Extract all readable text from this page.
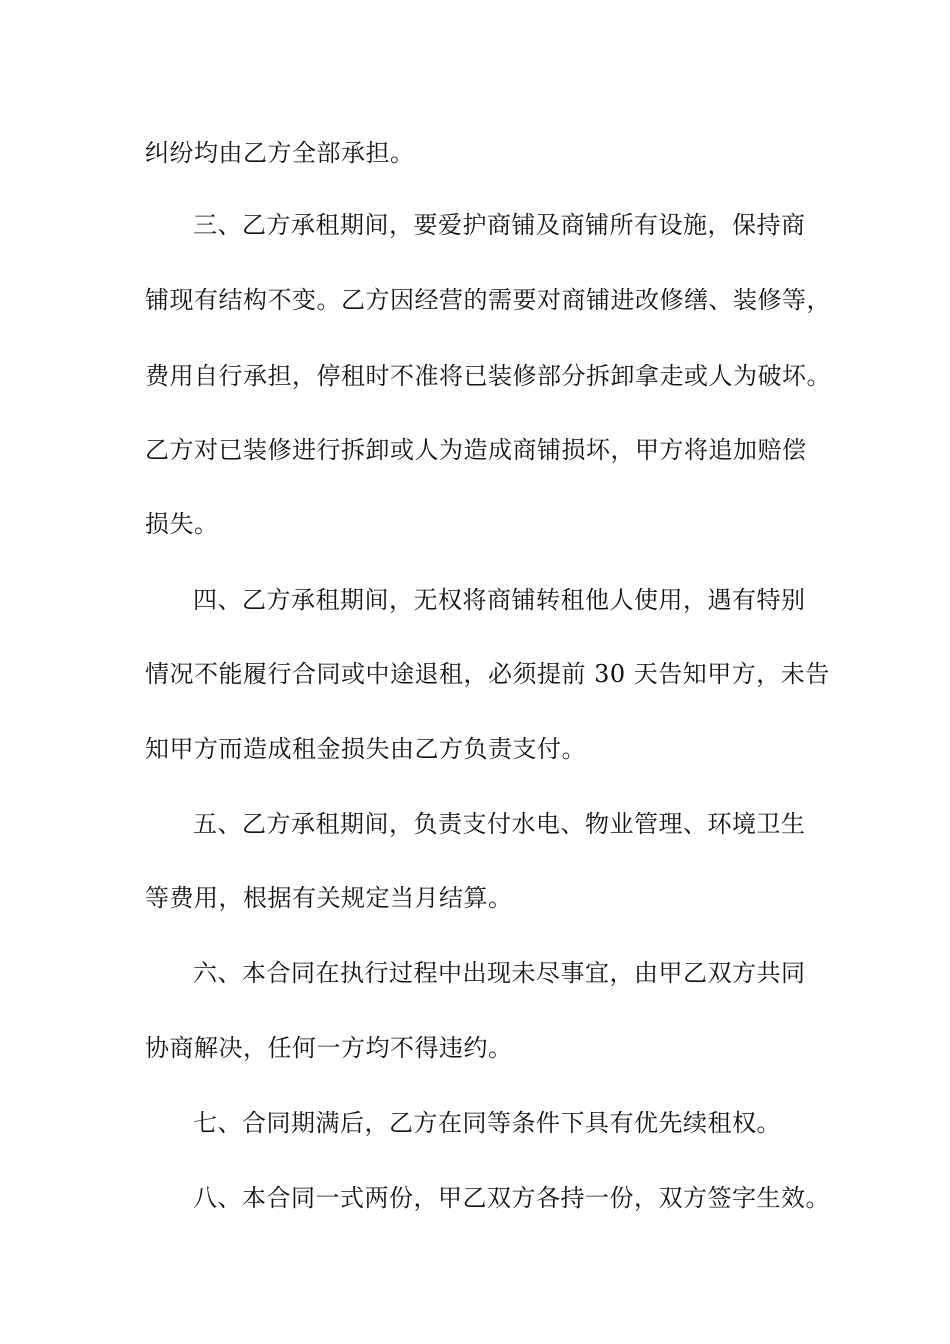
纠纷均由乙方全部承担。
三、乙方承租期间，要爱护商铺及商铺所有设施，保持商
铺现有结构不变。乙方因经营的需要对商铺进改修缮、装修等，
费用自行承担，停租时不准将已装修部分拆卸拿走或人为破坏。
乙方对已装修进行拆卸或人为造成商铺损坏，甲方将追加赔偿
损失。
四、乙方承租期间，无权将商铺转租他人使用，遇有特别
情况不能履行合同或中途退租，必须提前 30 天告知甲方，未告
知甲方而造成租金损失由乙方负责支付。
五、乙方承租期间，负责支付水电、物业管理、环境卫生
等费用，根据有关规定当月结算。
六、本合同在执行过程中出现未尽事宜，由甲乙双方共同
协商解决，任何一方均不得违约。
七、合同期满后，乙方在同等条件下具有优先续租权。
八、本合同一式两份，甲乙双方各持一份，双方签字生效。
